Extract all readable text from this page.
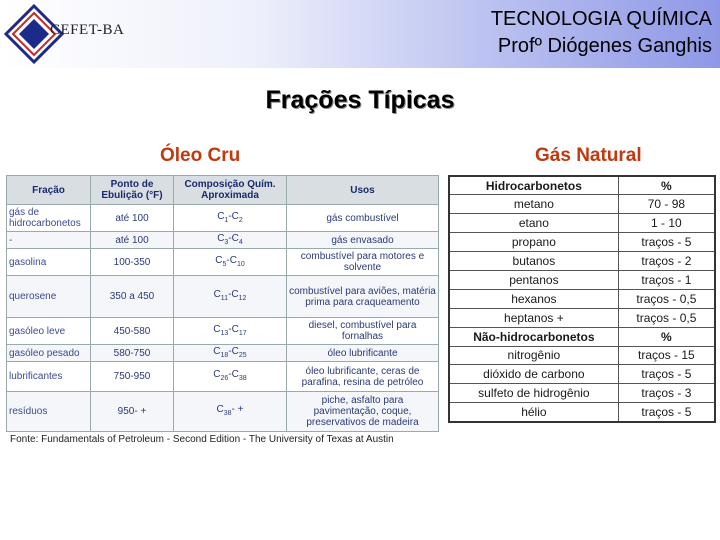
CEFET-BA	TECNOLOGIA QUÍMICA
Profº Diógenes Ganghis
Frações Típicas
Óleo Cru	Gás Natural
Fração	Ponto de Ebulição (°F)	Composição Quím. Aproximada	Usos
gás de hidrocarbonetos	até 100	$C_1-C_2$	gás combustível
-	até 100	$C_3-C_4$	gás envasado
gasolina	100-350	$C_5-C_{10}$	combustível para motores e solvente
querosene	350 a 450	$C_{11}-C_{12}$	combustível para aviões, matéria prima para craqueamento
gasóleo leve	450-580	$C_{13}-C_{17}$	diesel, combustível para fornalhas
gasóleo pesado	580-750	$C_{18}-C_{25}$	óleo lubrificante
lubrificantes	750-950	$C_{26}-C_{38}$	óleo lubrificante, ceras de parafina, resina de petróleo
resíduos	950- +	$C_{38}-$ +	piche, asfalto para pavimentação, coque, preservativos de madeira
Fonte: Fundamentals of Petroleum - Second Edition - The University of Texas at Austin
Hidrocarbonetos	%
metano	70 - 98
etano	1 - 10
propano	traços - 5
butanos	traços - 2
pentanos	traços - 1
hexanos	traços - 0,5
heptanos +	traços - 0,5
Não-hidrocarbonetos	%
nitrogênio	traços - 15
dióxido de carbono	traços - 5
sulfeto de hidrogênio	traços - 3
hélio	traços - 5
